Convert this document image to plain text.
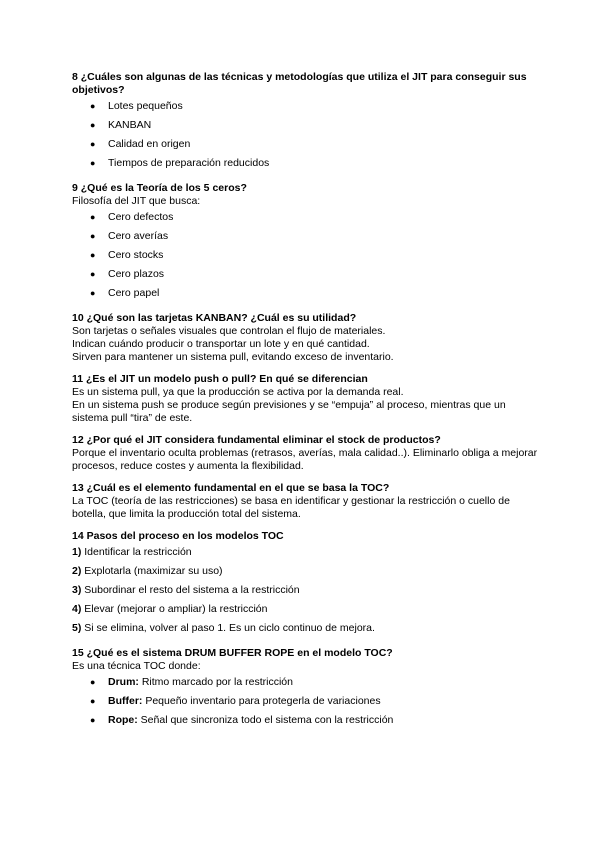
8 ¿Cuáles son algunas de las técnicas y metodologías que utiliza el JIT para conseguir sus objetivos?

● Lotes pequeños
● KANBAN
● Calidad en origen
● Tiempos de preparación reducidos

9 ¿Qué es la Teoría de los 5 ceros?

Filosofía del JIT que busca:

● Cero defectos
● Cero averías
● Cero stocks
● Cero plazos
● Cero papel

10 ¿Qué son las tarjetas KANBAN? ¿Cuál es su utilidad?

Son tarjetas o señales visuales que controlan el flujo de materiales.

Indican cuándo producir o transportar un lote y en qué cantidad.

Sirven para mantener un sistema pull, evitando exceso de inventario.

11 ¿Es el JIT un modelo push o pull? En qué se diferencian

Es un sistema pull, ya que la producción se activa por la demanda real.

En un sistema push se produce según previsiones y se “empuja” al proceso, mientras que un sistema pull “tira” de este.

12 ¿Por qué el JIT considera fundamental eliminar el stock de productos?

Porque el inventario oculta problemas (retrasos, averías, mala calidad..). Eliminarlo obliga a mejorar procesos, reduce costes y aumenta la flexibilidad.

13 ¿Cuál es el elemento fundamental en el que se basa la TOC?

La TOC (teoría de las restricciones) se basa en identificar y gestionar la restricción o cuello de botella, que limita la producción total del sistema.

14 Pasos del proceso en los modelos TOC

1) Identificar la restricción
2) Explotarla (maximizar su uso)
3) Subordinar el resto del sistema a la restricción
4) Elevar (mejorar o ampliar) la restricción
5) Si se elimina, volver al paso 1. Es un ciclo continuo de mejora.

15 ¿Qué es el sistema DRUM BUFFER ROPE en el modelo TOC?

Es una técnica TOC donde:

● Drum: Ritmo marcado por la restricción
● Buffer: Pequeño inventario para protegerla de variaciones
● Rope: Señal que sincroniza todo el sistema con la restricción
